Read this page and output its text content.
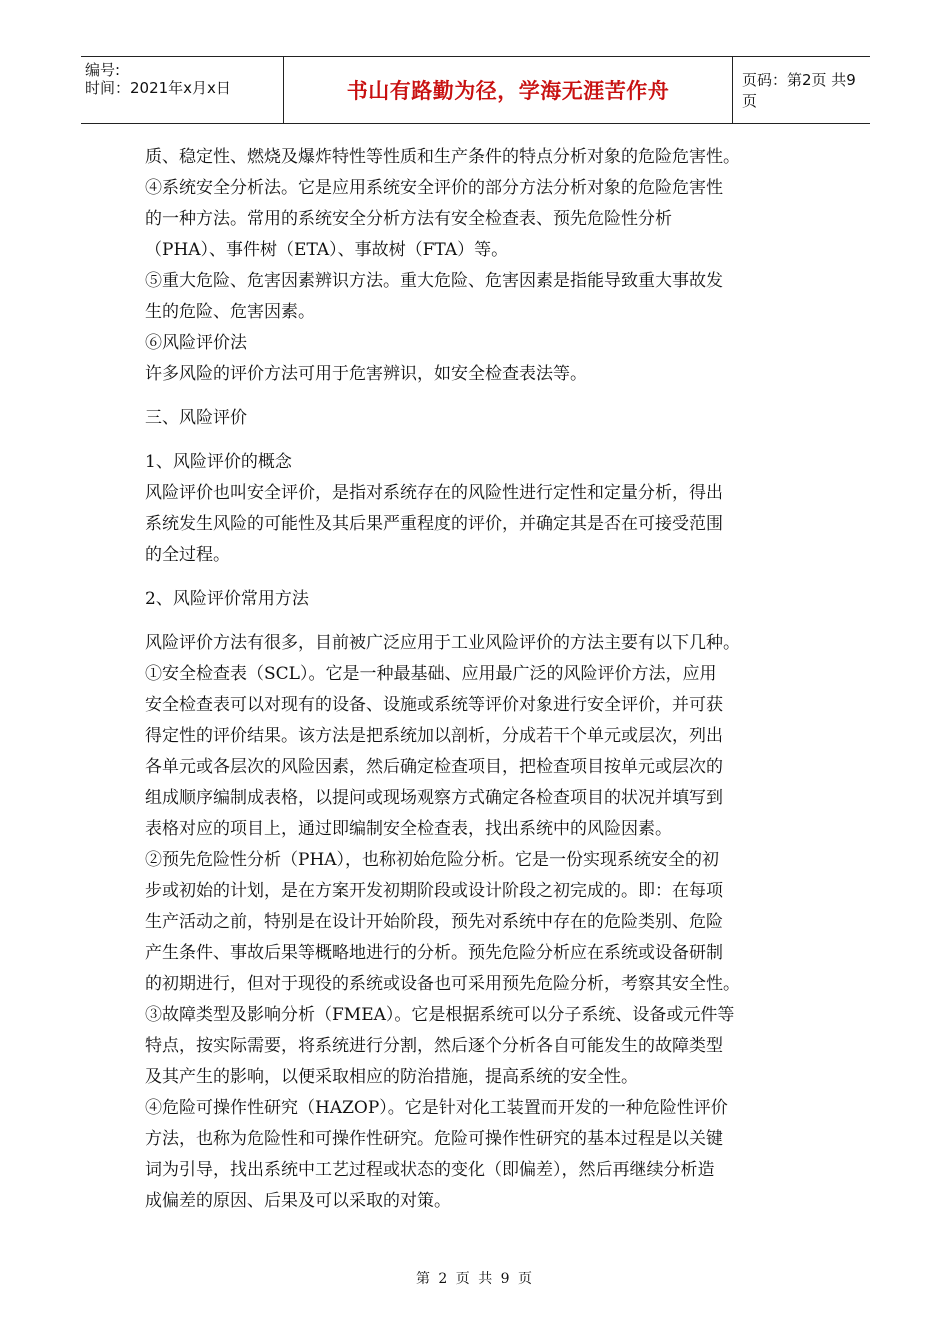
编号:
时间：2021年x月x日	书山有路勤为径，学海无涯苦作舟	页码：第2页 共9页
质、稳定性、燃烧及爆炸特性等性质和生产条件的特点分析对象的危险危害性。
④系统安全分析法。它是应用系统安全评价的部分方法分析对象的危险危害性
的一种方法。常用的系统安全分析方法有安全检查表、预先危险性分析
（PHA）、事件树（ETA）、事故树（FTA）等。
⑤重大危险、危害因素辨识方法。重大危险、危害因素是指能导致重大事故发
生的危险、危害因素。
⑥风险评价法
许多风险的评价方法可用于危害辨识，如安全检查表法等。
三、风险评价
1、风险评价的概念
风险评价也叫安全评价，是指对系统存在的风险性进行定性和定量分析，得出
系统发生风险的可能性及其后果严重程度的评价，并确定其是否在可接受范围
的全过程。
2、风险评价常用方法
风险评价方法有很多，目前被广泛应用于工业风险评价的方法主要有以下几种。
①安全检查表（SCL）。它是一种最基础、应用最广泛的风险评价方法，应用
安全检查表可以对现有的设备、设施或系统等评价对象进行安全评价，并可获
得定性的评价结果。该方法是把系统加以剖析，分成若干个单元或层次，列出
各单元或各层次的风险因素，然后确定检查项目，把检查项目按单元或层次的
组成顺序编制成表格，以提问或现场观察方式确定各检查项目的状况并填写到
表格对应的项目上，通过即编制安全检查表，找出系统中的风险因素。
②预先危险性分析（PHA），也称初始危险分析。它是一份实现系统安全的初
步或初始的计划，是在方案开发初期阶段或设计阶段之初完成的。即：在每项
生产活动之前，特别是在设计开始阶段，预先对系统中存在的危险类别、危险
产生条件、事故后果等概略地进行的分析。预先危险分析应在系统或设备研制
的初期进行，但对于现役的系统或设备也可采用预先危险分析，考察其安全性。
③故障类型及影响分析（FMEA）。它是根据系统可以分子系统、设备或元件等
特点，按实际需要，将系统进行分割，然后逐个分析各自可能发生的故障类型
及其产生的影响，以便采取相应的防治措施，提高系统的安全性。
④危险可操作性研究（HAZOP）。它是针对化工装置而开发的一种危险性评价
方法，也称为危险性和可操作性研究。危险可操作性研究的基本过程是以关键
词为引导，找出系统中工艺过程或状态的变化（即偏差），然后再继续分析造
成偏差的原因、后果及可以采取的对策。
第 2 页 共 9 页
